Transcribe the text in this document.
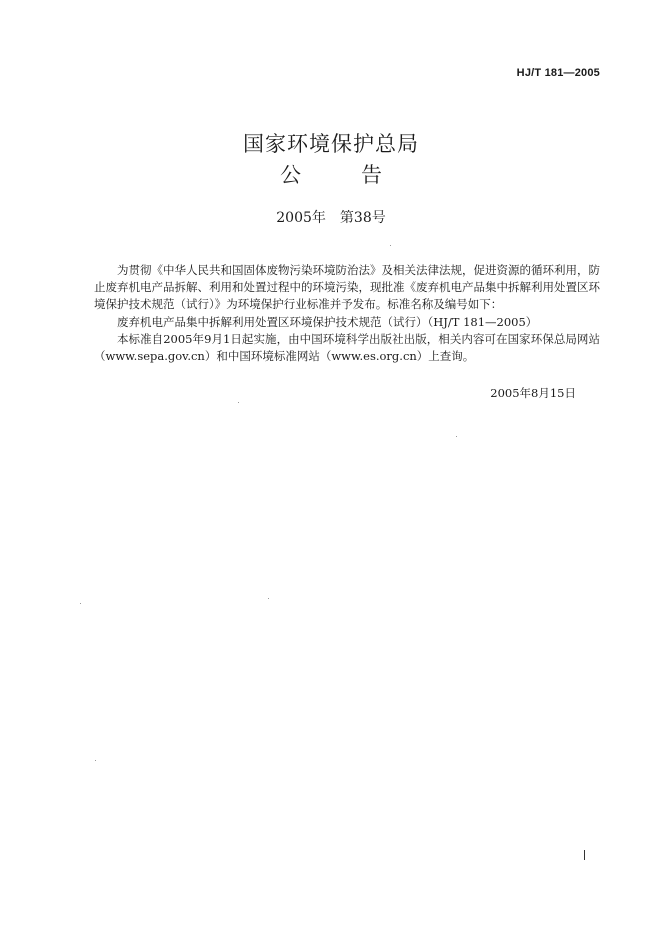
HJ/T 181—2005
国家环境保护总局
公	告
2005年 第38号

为贯彻《中华人民共和国固体废物污染环境防治法》及相关法律法规，促进资源的循环利用，防止废弃机电产品拆解、利用和处置过程中的环境污染，现批准《废弃机电产品集中拆解利用处置区环境保护技术规范（试行）》为环境保护行业标准并予发布。标准名称及编号如下：

废弃机电产品集中拆解利用处置区环境保护技术规范（试行）（HJ/T 181—2005）

本标准自2005年9月1日起实施，由中国环境科学出版社出版，相关内容可在国家环保总局网站（www.sepa.gov.cn）和中国环境标准网站（www.es.org.cn）上查询。

2005年8月15日
